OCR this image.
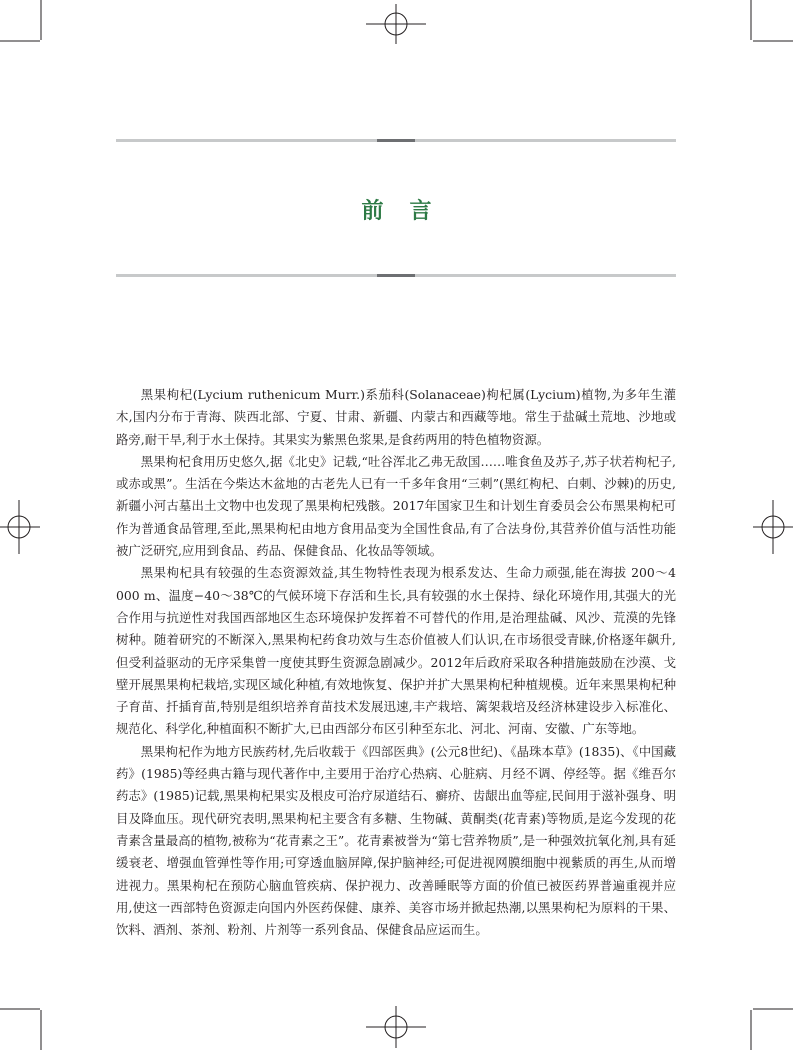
前 言

黑果枸杞(Lycium ruthenicum Murr.)系茄科(Solanaceae)枸杞属(Lycium)植物,为多年生灌木,国内分布于青海、陕西北部、宁夏、甘肃、新疆、内蒙古和西藏等地。常生于盐碱土荒地、沙地或路旁,耐干旱,利于水土保持。其果实为紫黑色浆果,是食药两用的特色植物资源。

黑果枸杞食用历史悠久,据《北史》记载,“吐谷浑北乙弗无敌国……唯食鱼及苏子,苏子状若枸杞子,或赤或黑”。生活在今柴达木盆地的古老先人已有一千多年食用“三刺”(黑红枸杞、白刺、沙棘)的历史,新疆小河古墓出土文物中也发现了黑果枸杞残骸。2017年国家卫生和计划生育委员会公布黑果枸杞可作为普通食品管理,至此,黑果枸杞由地方食用品变为全国性食品,有了合法身份,其营养价值与活性功能被广泛研究,应用到食品、药品、保健食品、化妆品等领域。

黑果枸杞具有较强的生态资源效益,其生物特性表现为根系发达、生命力顽强,能在海拔 200～4 000 m、温度−40～38℃的气候环境下存活和生长,具有较强的水土保持、绿化环境作用,其强大的光合作用与抗逆性对我国西部地区生态环境保护发挥着不可替代的作用,是治理盐碱、风沙、荒漠的先锋树种。随着研究的不断深入,黑果枸杞药食功效与生态价值被人们认识,在市场很受青睐,价格逐年飙升,但受利益驱动的无序采集曾一度使其野生资源急剧减少。2012年后政府采取各种措施鼓励在沙漠、戈壁开展黑果枸杞栽培,实现区域化种植,有效地恢复、保护并扩大黑果枸杞种植规模。近年来黑果枸杞种子育苗、扦插育苗,特别是组织培养育苗技术发展迅速,丰产栽培、篱架栽培及经济林建设步入标准化、规范化、科学化,种植面积不断扩大,已由西部分布区引种至东北、河北、河南、安徽、广东等地。

黑果枸杞作为地方民族药材,先后收载于《四部医典》(公元8世纪)、《晶珠本草》(1835)、《中国藏药》(1985)等经典古籍与现代著作中,主要用于治疗心热病、心脏病、月经不调、停经等。据《维吾尔药志》(1985)记载,黑果枸杞果实及根皮可治疗尿道结石、癣疥、齿龈出血等症,民间用于滋补强身、明目及降血压。现代研究表明,黑果枸杞主要含有多糖、生物碱、黄酮类(花青素)等物质,是迄今发现的花青素含量最高的植物,被称为“花青素之王”。花青素被誉为“第七营养物质”,是一种强效抗氧化剂,具有延缓衰老、增强血管弹性等作用;可穿透血脑屏障,保护脑神经;可促进视网膜细胞中视紫质的再生,从而增进视力。黑果枸杞在预防心脑血管疾病、保护视力、改善睡眠等方面的价值已被医药界普遍重视并应用,使这一西部特色资源走向国内外医药保健、康养、美容市场并掀起热潮,以黑果枸杞为原料的干果、饮料、酒剂、茶剂、粉剂、片剂等一系列食品、保健食品应运而生。
